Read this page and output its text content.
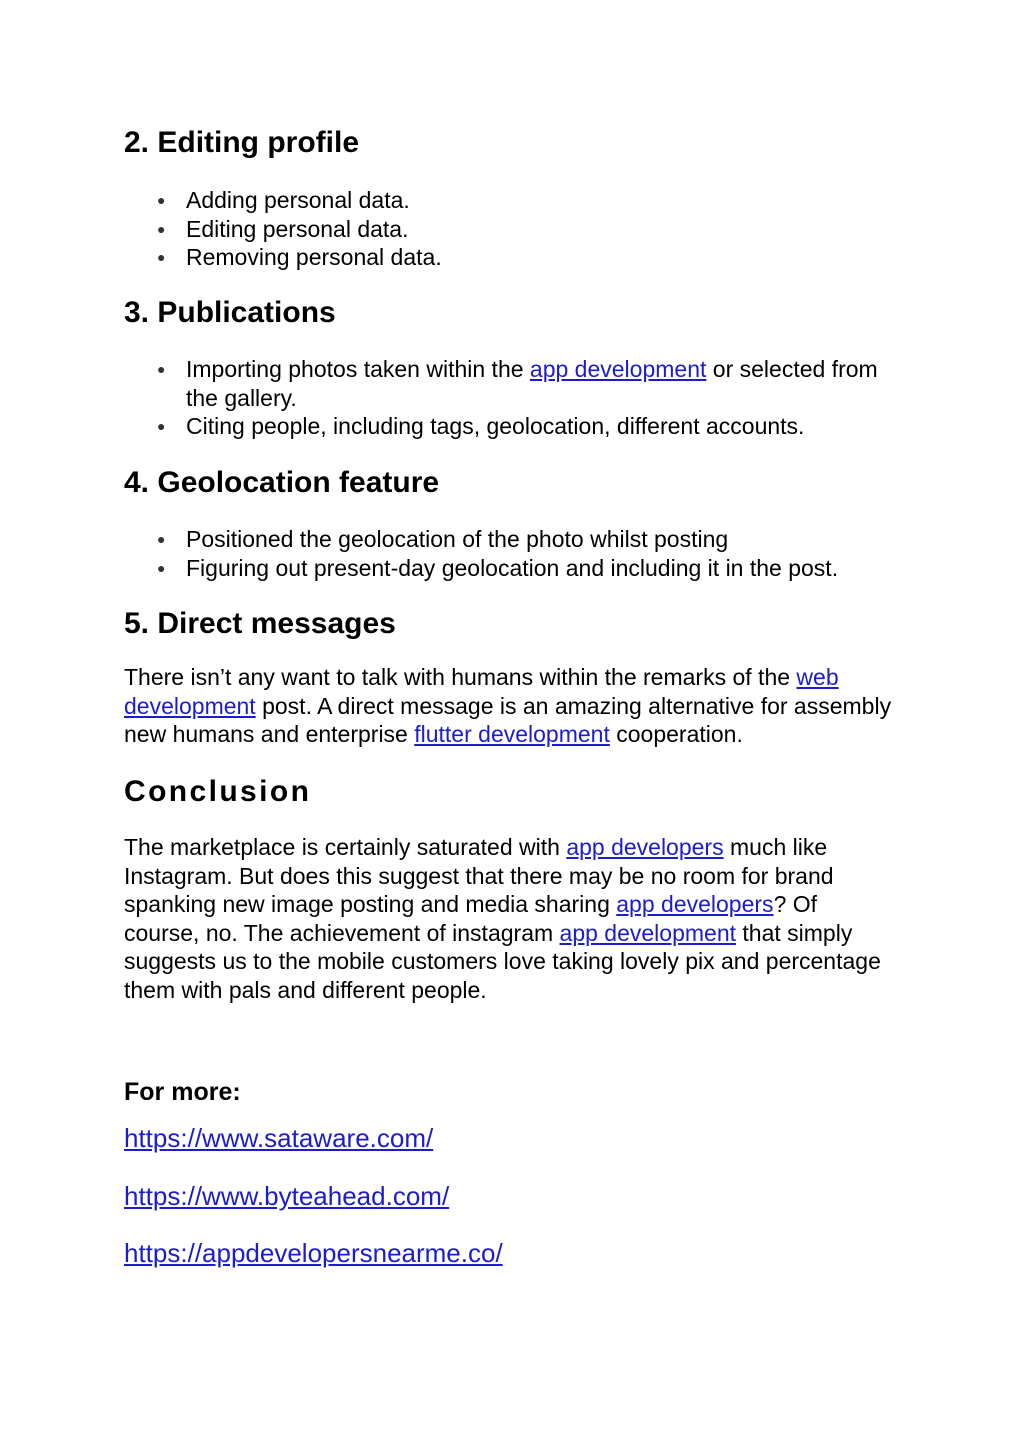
2. Editing profile
● Adding personal data.
● Editing personal data.
● Removing personal data.
3. Publications
● Importing photos taken within the app development or selected from the gallery.
● Citing people, including tags, geolocation, different accounts.
4. Geolocation feature
● Positioned the geolocation of the photo whilst posting
● Figuring out present-day geolocation and including it in the post.
5. Direct messages

There isn’t any want to talk with humans within the remarks of the web development post. A direct message is an amazing alternative for assembly new humans and enterprise flutter development cooperation.

Conclusion

The marketplace is certainly saturated with app developers much like Instagram. But does this suggest that there may be no room for brand spanking new image posting and media sharing app developers? Of course, no. The achievement of instagram app development that simply suggests us to the mobile customers love taking lovely pix and percentage them with pals and different people.

For more:
https://www.sataware.com/
https://www.byteahead.com/
https://appdevelopersnearme.co/
